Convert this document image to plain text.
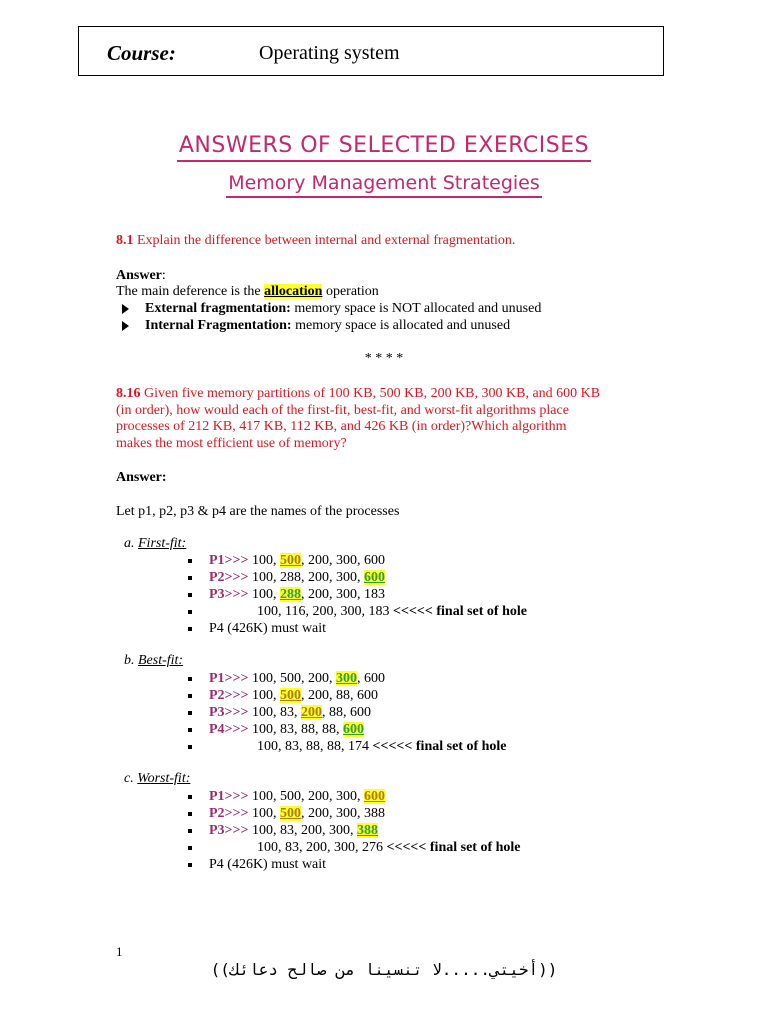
Course:	Operating system
ANSWERS OF SELECTED EXERCISES
Memory Management Strategies
8.1 Explain the difference between internal and external fragmentation.
Answer:
The main deference is the allocation operation
External fragmentation: memory space is NOT allocated and unused
Internal Fragmentation: memory space is allocated and unused
* * * *
8.16 Given five memory partitions of 100 KB, 500 KB, 200 KB, 300 KB, and 600 KB
(in order), how would each of the first-fit, best-fit, and worst-fit algorithms place
processes of 212 KB, 417 KB, 112 KB, and 426 KB (in order)?Which algorithm
makes the most efficient use of memory?
Answer:
Let p1, p2, p3 & p4 are the names of the processes
a. First-fit:
P1>>> 100, 500, 200, 300, 600
P2>>> 100, 288, 200, 300, 600
P3>>> 100, 288, 200, 300, 183
100, 116, 200, 300, 183 <<<<< final set of hole
P4 (426K) must wait
b. Best-fit:
P1>>> 100, 500, 200, 300, 600
P2>>> 100, 500, 200, 88, 600
P3>>> 100, 83, 200, 88, 600
P4>>> 100, 83, 88, 88, 600
100, 83, 88, 88, 174 <<<<< final set of hole
c. Worst-fit:
P1>>> 100, 500, 200, 300, 600
P2>>> 100, 500, 200, 300, 388
P3>>> 100, 83, 200, 300, 388
100, 83, 200, 300, 276 <<<<< final set of hole
P4 (426K) must wait
1
((أخيتي.....لا تنسينا من صالح دعائك))
